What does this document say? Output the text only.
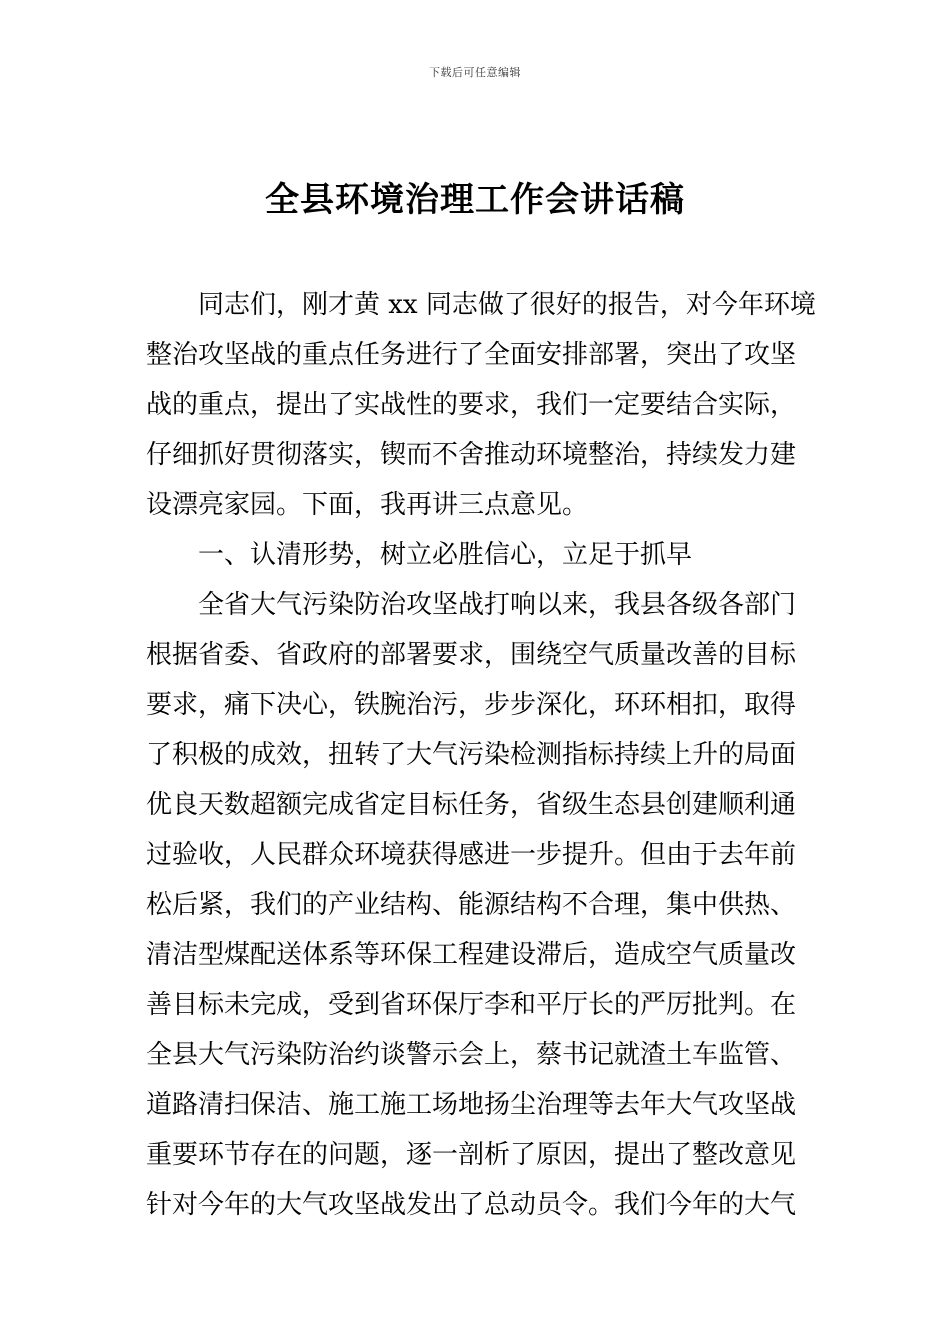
下载后可任意编辑
全县环境治理工作会讲话稿
同志们，刚才黄 xx 同志做了很好的报告，对今年环境
整治攻坚战的重点任务进行了全面安排部署，突出了攻坚
战的重点，提出了实战性的要求，我们一定要结合实际，
仔细抓好贯彻落实，锲而不舍推动环境整治，持续发力建
设漂亮家园。下面，我再讲三点意见。
一、认清形势，树立必胜信心，立足于抓早
全省大气污染防治攻坚战打响以来，我县各级各部门
根据省委、省政府的部署要求，围绕空气质量改善的目标
要求，痛下决心，铁腕治污，步步深化，环环相扣，取得
了积极的成效，扭转了大气污染检测指标持续上升的局面
优良天数超额完成省定目标任务，省级生态县创建顺利通
过验收，人民群众环境获得感进一步提升。但由于去年前
松后紧，我们的产业结构、能源结构不合理，集中供热、
清洁型煤配送体系等环保工程建设滞后，造成空气质量改
善目标未完成，受到省环保厅李和平厅长的严厉批判。在
全县大气污染防治约谈警示会上，蔡书记就渣土车监管、
道路清扫保洁、施工施工场地扬尘治理等去年大气攻坚战
重要环节存在的问题，逐一剖析了原因，提出了整改意见
针对今年的大气攻坚战发出了总动员令。我们今年的大气
